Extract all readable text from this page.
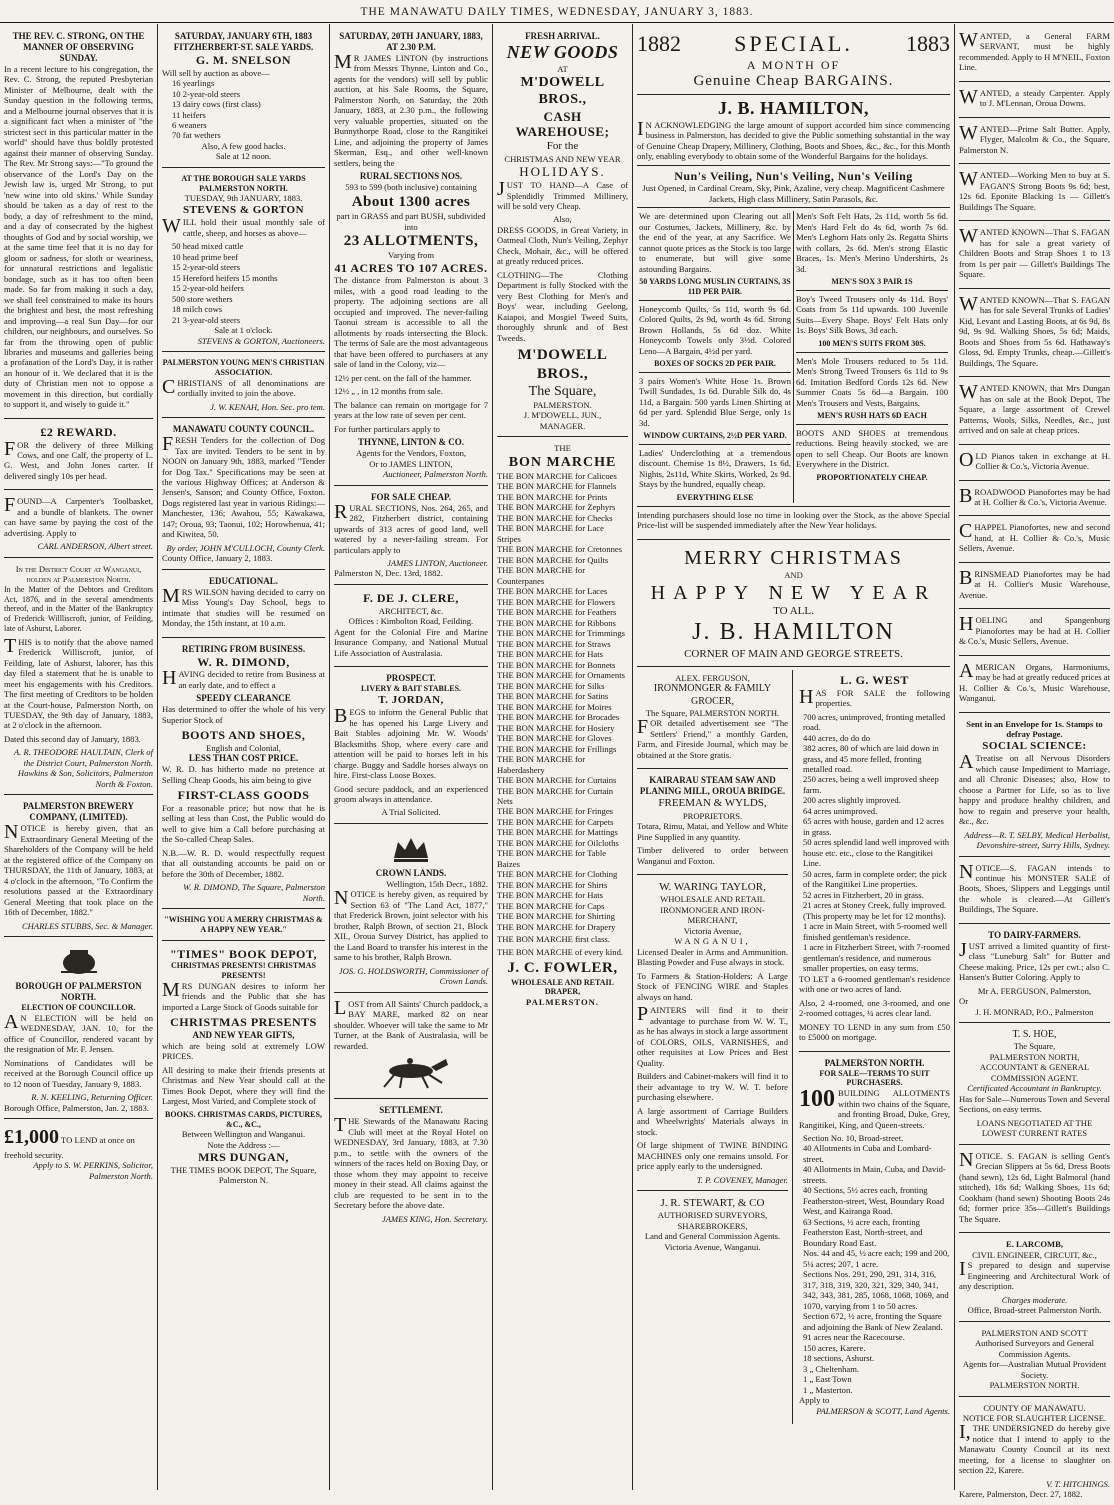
THE MANAWATU DAILY TIMES, WEDNESDAY, JANUARY 3, 1883.
THE REV. C. STRONG, ON THE MANNER OF OBSERVING SUNDAY.

In a recent lecture to his congregation, the Rev. C. Strong, the reputed Presbyterian Minister of Melbourne, dealt with the Sunday question in the following terms, and a Melbourne journal observes that it is a significant fact when a minister of "the strictest sect in this particular matter in the world" should have thus boldly protested against their manner of observing Sunday. The Rev. Mr Strong says:—"To ground the observance of the Lord's Day on the Jewish law is, urged Mr Strong, to put 'new wine into old skins.' While Sunday should be taken as a day of rest to the body, a day of refreshment to the mind, and a day of consecrated by the highest thoughts of God and by social worship, we at the same time feel that it is no day for gloom or sadness, for sloth or weariness, for unnatural restrictions and legalistic bondage, such as it has too often been made. So far from making it such a day, we shall feel constrained to make its hours the brightest and best, the most refreshing and improving—a real Sun Day—for our children, our neighbours, and ourselves. So far from the throwing open of public libraries and museums and galleries being a profanation of the Lord's Day, it is rather an honour of it. We declared that it is the duty of Christian men not to oppose a movement in this direction, but cordially to support it, and wisely to guide it."

£2 REWARD.

FOR the delivery of three Milking Cows, and one Calf, the property of L. G. West, and John Jones carter. If delivered singly 10s per head.

FOUND—A Carpenter's Toolbasket, and a bundle of blankets. The owner can have same by paying the cost of the advertising. Apply to

CARL ANDERSON, Albert street.
In the District Court at Wanganui, holden at Palmerston North.

In the Matter of the Debtors and Creditors Act, 1876, and in the several amendments thereof, and in the Matter of the Bankruptcy of Frederick Willliscroft, junior, of Feilding, late of Ashurst, Laborer.

THIS is to notify that the above named Frederick Williscroft, junior, of Feilding, late of Ashurst, laborer, has this day filed a statement that he is unable to meet his engagements with his Creditors. The first meeting of Creditors to be holden at the Court-house, Palmerston North, on TUESDAY, the 9th day of January, 1883, at 2 o'clock in the afternoon.

Dated this second day of January, 1883.

A. R. THEODORE HAULTAIN, Clerk of the District Court, Palmerston North.
Hawkins & Son, Solicitors, Palmerston North & Foxton.
PALMERSTON BREWERY COMPANY, (LIMITED).

NOTICE is hereby given, that an Extraordinary General Meeting of the Shareholders of the Company will be held at the registered office of the Company on THURSDAY, the 11th of January, 1883, at 4 o'clock in the afternoon, "To Confirm the resolutions passed at the Extraordinary General Meeting that took place on the 16th of December, 1882."

CHARLES STUBBS, Sec. & Manager.
BOROUGH OF PALMERSTON NORTH.
ELECTION OF COUNCILLOR.

AN ELECTION will be held on WEDNESDAY, JAN. 10, for the office of Councillor, rendered vacant by the resignation of Mr. F. Jensen.

Nominations of Candidates will be received at the Borough Council office up to 12 noon of Tuesday, January 9, 1883.

R. N. KEELING, Returning Officer.
Borough Office, Palmerston, Jan. 2, 1883.
£1,000 TO LEND at once on freehold security.
Apply to S. W. PERKINS, Solicitor, Palmerston North.
SATURDAY, JANUARY 6TH, 1883 FITZHERBERT-ST. SALE YARDS.
G. M. SNELSON
Will sell by auction as above—
16 yearlings
10 2-year-old steers
13 dairy cows (first class)
11 heifers
6 weaners
70 fat wethers
Also, A few good hacks.
Sale at 12 noon.
AT THE BOROUGH SALE YARDS PALMERSTON NORTH.
TUESDAY, 9th JANUARY, 1883.
STEVENS & GORTON

WILL hold their usual monthly sale of cattle, sheep, and horses as above—

50 head mixed cattle
10 head prime beef
15 2-year-old steers
15 Hereford heifers 15 months
15 2-year-old heifers
500 store wethers
18 milch cows
21 3-year-old steers
Sale at 1 o'clock.
STEVENS & GORTON, Auctioneers.
PALMERSTON YOUNG MEN'S CHRISTIAN ASSOCIATION.

CHRISTIANS of all denominations are cordially invited to join the above.

J. W. KENAH, Hon. Sec. pro tem.
MANAWATU COUNTY COUNCIL.

FRESH Tenders for the collection of Dog Tax are invited. Tenders to be sent in by NOON on January 9th, 1883, marked "Tender for Dog Tax." Specifications may be seen at the various Highway Offices; at Anderson & Jensen's, Sanson; and County Office, Foxton. Dogs registered last year in various Ridings:—Manchester, 136; Awahou, 55; Kawakawa, 147; Oroua, 93; Taonui, 102; Horowhenua, 41; and Kiwitea, 50.

By order, JOHN M'CULLOCH, County Clerk.
County Office, January 2, 1883.
EDUCATIONAL.

MRS WILSON having decided to carry on Miss Young's Day School, begs to intimate that studies will be resumed on Monday, the 15th instant, at 10 a.m.

RETIRING FROM BUSINESS.
W. R. DIMOND,

HAVING decided to retire from Business at an early date, and to effect a

SPEEDY CLEARANCE

Has determined to offer the whole of his very Superior Stock of

BOOTS AND SHOES,
English and Colonial,
LESS THAN COST PRICE.

W. R. D. has hitherto made no pretence at Selling Cheap Goods, his aim being to give

FIRST-CLASS GOODS

For a reasonable price; but now that he is selling at less than Cost, the Public would do well to give him a Call before purchasing at the So-called Cheap Sales.

N.B.—W. R. D. would respectfully request that all outstanding accounts be paid on or before the 30th of December, 1882.

W. R. DIMOND, The Square, Palmerston North.
"WISHING YOU A MERRY CHRISTMAS & A HAPPY NEW YEAR."
"TIMES" BOOK DEPOT,
CHRISTMAS PRESENTS! CHRISTMAS PRESENTS!

MRS DUNGAN desires to inform her friends and the Public that she has imported a Large Stock of Goods suitable for

CHRISTMAS PRESENTS
AND NEW YEAR GIFTS,

which are being sold at extremely LOW PRICES.

All desiring to make their friends presents at Christmas and New Year should call at the Times Book Depot, where they will find the Largest, Most Varied, and Complete stock of

BOOKS. CHRISTMAS CARDS, PICTURES, &C., &C.,
Between Wellington and Wanganui.
Note the Address :—
MRS DUNGAN,
THE TIMES BOOK DEPOT, The Square, Palmerston N.
SATURDAY, 20TH JANUARY, 1883, AT 2.30 P.M.

MR JAMES LINTON (by instructions from Messrs Thynne, Linton and Co., agents for the vendors) will sell by public auction, at his Sale Rooms, the Square, Palmerston North, on Saturday, the 20th January, 1883, at 2.30 p.m., the following very valuable properties, situated on the Bunnythorpe Road, close to the Rangitikei Line, and adjoining the property of James Skerman, Esq., and other well-known settlers, being the

RURAL SECTIONS NOS.
593 to 599 (both inclusive) containing
About 1300 acres
part in GRASS and part BUSH, subdivided into
23 ALLOTMENTS,
Varying from
41 ACRES TO 107 ACRES.

The distance from Palmerston is about 3 miles, with a good road leading to the property. The adjoining sections are all occupied and improved. The never-failing Taonui stream is accessible to all the allotments by roads intersecting the Block. The terms of Sale are the most advantageous that have been offered to purchasers at any sale of land in the Colony, viz—

12½ per cent. on the fall of the hammer.

12½ „ , in 12 months from sale.

The balance can remain on mortgage for 7 years at the low rate of seven per cent.

For further particulars apply to

THYNNE, LINTON & CO.
Agents for the Vendors, Foxton,
Or to JAMES LINTON,
Auctioneer, Palmerston North.
FOR SALE CHEAP.

RURAL SECTIONS, Nos. 264, 265, and 282, Fitzherbert district, containing upwards of 313 acres of good land, well watered by a never-failing stream. For particulars apply to

JAMES LINTON, Auctioneer.
Palmerston N, Dec. 13rd, 1882.
F. DE J. CLERE,
ARCHITECT, &c.
Offices : Kimbolton Road, Feilding.

Agent for the Colonial Fire and Marine Insurance Company, and National Mutual Life Association of Australasia.

PROSPECT.
LIVERY & BAIT STABLES.
T. JORDAN,

BEGS to inform the General Public that he has opened his Large Livery and Bait Stables adjoining Mr. W. Woods' Blacksmiths Shop, where every care and attention will be paid to horses left in his charge. Buggy and Saddle horses always on hire. First-class Loose Boxes.

Good secure paddock, and an experienced groom always in attendance.

A Trial Solicited.
CROWN LANDS.
Wellington, 15th Decr., 1882.

NOTICE is hereby given, as required by Section 63 of "The Land Act, 1877," that Frederick Brown, joint selector with his brother, Ralph Brown, of section 21, Block XII., Oroua Survey District, has applied to the Land Board to transfer his interest in the same to his brother, Ralph Brown.

JOS. G. HOLDSWORTH, Commissioner of Crown Lands.

LOST from All Saints' Church paddock, a BAY MARE, marked 82 on near shoulder. Whoever will take the same to Mr Turner, at the Bank of Australasia, will be rewarded.

SETTLEMENT.

THE Stewards of the Manawatu Racing Club will meet at the Royal Hotel on WEDNESDAY, 3rd January, 1883, at 7.30 p.m., to settle with the owners of the winners of the races held on Boxing Day, or those whom they may appoint to receive money in their stead. All claims against the club are requested to be sent in to the Secretary before the above date.

JAMES KING, Hon. Secretary.
FRESH ARRIVAL.
NEW GOODS
AT
M'DOWELL BROS.,
CASH WAREHOUSE;
For the
CHRISTMAS AND NEW YEAR
HOLIDAYS.

JUST TO HAND—A Case of Splendidly Trimmed Millinery, will be sold very Cheap.

Also,

DRESS GOODS, in Great Variety, in Oatmeal Cloth, Nun's Veiling, Zephyr Check, Mohair, &c., will be offered at greatly reduced prices.

CLOTHING—The Clothing Department is fully Stocked with the very Best Clothing for Men's and Boys' wear, including Geelong, Kaiapoi, and Mosgiel Tweed Suits, thoroughly shrunk and of Best Tweeds.

M'DOWELL BROS.,
The Square,
PALMERSTON.
J. M'DOWELL, JUN.,
MANAGER.
THE
BON MARCHE
THE BON MARCHE for Calicoes
THE BON MARCHE for Flannels
THE BON MARCHE for Prints
THE BON MARCHE for Zephyrs
THE BON MARCHE for Checks
THE BON MARCHE for Lace Stripes
THE BON MARCHE for Cretonnes
THE BON MARCHE for Quilts
THE BON MARCHE for Counterpanes
THE BON MARCHE for Laces
THE BON MARCHE for Flowers
THE BON MARCHE for Feathers
THE BON MARCHE for Ribbons
THE BON MARCHE for Trimmings
THE BON MARCHE for Straws
THE BON MARCHE for Hats
THE BON MARCHE for Bonnets
THE BON MARCHE for Ornaments
THE BON MARCHE for Silks
THE BON MARCHE for Satins
THE BON MARCHE for Moires
THE BON MARCHE for Brocades
THE BON MARCHE for Hosiery
THE BON MARCHE for Gloves
THE BON MARCHE for Frillings
THE BON MARCHE for Haberdashery
THE BON MARCHE for Curtains
THE BON MARCHE for Curtain Nets
THE BON MARCHE for Fringes
THE BON MARCHE for Carpets
THE BON MARCHE for Mattings
THE BON MARCHE for Oilcloths
THE BON MARCHE for Table Baizes
THE BON MARCHE for Clothing
THE BON MARCHE for Shirts
THE BON MARCHE for Hats
THE BON MARCHE for Caps
THE BON MARCHE for Shirting
THE BON MARCHE for Drapery
THE BON MARCHE first class.
THE BON MARCHE of every kind.
J. C. FOWLER,
WHOLESALE AND RETAIL DRAPER,
PALMERSTON.
1882 SPECIAL. 1883
A MONTH OF
Genuine Cheap BARGAINS.
J. B. HAMILTON,

IN ACKNOWLEDGING the large amount of support accorded him since commencing business in Palmerston, has decided to give the Public something substantial in the way of Genuine Cheap Drapery, Millinery, Clothing, Boots and Shoes, &c., &c., for this Month only, enabling everybody to obtain some of the Wonderful Bargains for the holidays.

Nun's Veiling, Nun's Veiling, Nun's Veiling
Just Opened, in Cardinal Cream, Sky, Pink, Azaline, very cheap. Magnificent Cashmere Jackets, High class Millinery, Satin Parasols, &c.

We are determined upon Clearing out all our Costumes, Jackets, Millinery, &c. by the end of the year, at any Sacrifice. We cannot quote prices as the Stock is too large to enumerate, but will give some astounding Bargains.

50 YARDS LONG MUSLIN CURTAINS, 3S 11D PER PAIR.

Honeycomb Quilts, 5s 11d, worth 9s 6d. Colored Quilts, 2s 9d, worth 4s 6d. Strong Brown Hollands, 5s 6d doz. White Honeycomb Towels only 3½d. Colored Leno—A Bargain, 4½d per yard.

BOXES OF SOCKS 2D PER PAIR.

3 pairs Women's White Hose 1s. Brown Twill Sundades, 1s 6d. Durable Silk do, 4s 11d, a Bargain. 500 yards Linen Shirting at 6d per yard. Splendid Blue Serge, only 1s 3d.

WINDOW CURTAINS, 2½D PER YARD.

Ladies' Underclothing at a tremendous discount. Chemise 1s 8½, Drawers, 1s 6d, Nights, 2s11d, White Skirts, Worked, 2s 9d. Stays by the hundred, equally cheap.

EVERYTHING ELSE

Men's Soft Felt Hats, 2s 11d, worth 5s 6d. Men's Hard Felt do 4s 6d, worth 7s 6d. Men's Leghorn Hats only 2s. Regatta Shirts with collars, 2s 6d. Men's strong Elastic Braces, 1s. Men's Merino Undershirts, 2s 3d.

MEN'S SOX 3 PAIR 1S

Boy's Tweed Trousers only 4s 11d. Boys' Coats from 5s 11d upwards. 100 Juvenile Suits—Every Shape. Boys' Felt Hats only 1s. Boys' Silk Bows, 3d each.

100 MEN'S SUITS FROM 30S.

Men's Mole Trousers reduced to 5s 11d. Men's Strong Tweed Trousers 6s 11d to 9s 6d. Imitation Bedford Cords 12s 6d. New Summer Coats 5s 6d—a Bargain. 100 Men's Trousers and Vests, Bargains.

MEN'S RUSH HATS 6D EACH

BOOTS AND SHOES at tremendous reductions. Being heavily stocked, we are open to sell Cheap. Our Boots are known Everywhere in the District.

PROPORTIONATELY CHEAP.

Intending purchasers should lose no time in looking over the Stock, as the above Special Price-list will be suspended immediately after the New Year holidays.

MERRY CHRISTMAS
AND
HAPPY NEW YEAR
TO ALL.
J. B. HAMILTON
CORNER OF MAIN AND GEORGE STREETS.
ALEX. FERGUSON,
IRONMONGER & FAMILY GROCER,
The Square, PALMERSTON NORTH.

FOR detailed advertisement see "The Settlers' Friend," a monthly Garden, Farm, and Fireside Journal, which may be obtained at the Store gratis.

KAIRARAU STEAM SAW AND PLANING MILL, OROUA BRIDGE.
FREEMAN & WYLDS,
PROPRIETORS.

Totara, Rimu, Matai, and Yellow and White Pine Supplied in any quantity.

Timber delivered to order between Wanganui and Foxton.

W. WARING TAYLOR,
WHOLESALE AND RETAIL IRONMONGER AND IRON-MERCHANT,
Victoria Avenue,
WANGANUI,

Licensed Dealer in Arms and Ammunition. Blasting Powder and Fuse always in stock.

To Farmers & Station-Holders: A Large Stock of FENCING WIRE and Staples always on hand.

PAINTERS will find it to their advantage to purchase from W. W. T., as he has always in stock a large assortment of COLORS, OILS, VARNISHES, and other requisites at Low Prices and Best Quality.

Builders and Cabinet-makers will find it to their advantage to try W. W. T. before purchasing elsewhere.

A large assortment of Carriage Builders and Wheelwrights' Materials always in stock.

Of large shipment of TWINE BINDING MACHINES only one remains unsold. For price apply early to the undersigned.

T. P. COVENEY, Manager.
J. R. STEWART, & CO
AUTHORISED SURVEYORS,
SHAREBROKERS,
Land and General Commission Agents.
Victoria Avenue, Wanganui.
L. G. WEST

HAS FOR SALE the following properties.

700 acres, unimproved, fronting metalled road.
440 acres, do do do
382 acres, 80 of which are laid down in grass, and 45 more felled, fronting metalled road.
250 acres, being a well improved sheep farm.
200 acres slightly improved.
64 acres unimproved.
65 acres with house, garden and 12 acres in grass.
50 acres splendid land well improved with house etc. etc., close to the Rangitikei Line.
50 acres, farm in complete order; the pick of the Rangitikei Line properties.
52 acres in Fitzherbert, 20 in grass.
21 acres at Stoney Creek, fully improved. (This property may be let for 12 months).
1 acre in Main Street, with 5-roomed well finished gentleman's residence.
1 acre in Fitzherbert Street, with 7-roomed gentleman's residence, and numerous smaller properties, on easy terms.

TO LET a 6-roomed gentleman's residence with one or two acres of land.

Also, 2 4-roomed, one 3-roomed, and one 2-roomed cottages, ¼ acres clear land.

MONEY TO LEND in any sum from £50 to £5000 on mortgage.

PALMERSTON NORTH.
FOR SALE—TERMS TO SUIT PURCHASERS.

100 BUILDING ALLOTMENTS within two chains of the Square, and fronting Broad, Duke, Grey, Rangitikei, King, and Queen-streets.

Section No. 10, Broad-street.
40 Allotments in Cuba and Lombard-street.
40 Allotments in Main, Cuba, and David-streets.
40 Sections, 5½ acres each, fronting Featherston-street, West, Boundary Road West, and Kairanga Road.
63 Sections, ½ acre each, fronting Featherston East, North-street, and Boundary Road East.
Nos. 44 and 45, ½ acre each; 199 and 200, 5¼ acres; 207, 1 acre.
Sections Nos. 291, 290, 291, 314, 316, 317, 318, 319, 320, 321, 329, 340, 341, 342, 343, 381, 285, 1068, 1068, 1069, and 1070, varying from 1 to 50 acres.
Section 672, ½ acre, fronting the Square and adjoining the Bank of New Zealand.
91 acres near the Racecourse.
150 acres, Karere.
18 sections, Ashurst.
3 „ Cheltenham.
1 „ East Town
1 „ Masterton.
Apply to
PALMERSON & SCOTT, Land Agents.

WANTED, a General FARM SERVANT, must be highly recommended. Apply to H M'NEIL, Foxton Line.

WANTED, a steady Carpenter. Apply to J. M'Lennan, Oroua Downs.

WANTED—Prime Salt Butter. Apply, Flyger, Malcolm & Co., the Square, Palmerston N.

WANTED—Working Men to buy at S. FAGAN'S Strong Boots 9s 6d; best, 12s 6d. Eponite Blacking 1s — Gillett's Buildings The Square.

WANTED KNOWN—That S. FAGAN has for sale a great variety of Children Boots and Strap Shoes 1 to 13 from 1s per pair — Gillett's Buildings The Square.

WANTED KNOWN—That S. FAGAN has for sale Several Trunks of Ladies' Kid, Levant and Lasting Boots, at 6s 9d, 8s 9d, 9s 9d. Walking Shoes, 5s 6d; Maids, Boots and Shoes from 5s 6d. Hathaway's Gloss, 9d. Empty Trunks, cheap.—Gillett's Buildings, The Square.

WANTED KNOWN, that Mrs Dungan has on sale at the Book Depot, The Square, a large assortment of Crewel Patterns, Wools, Silks, Needles, &c., just arrived and on sale at cheap prices.

OLD Pianos taken in exchange at H. Collier & Co.'s, Victoria Avenue.

BROADWOOD Pianofortes may be had at H. Collier & Co.'s, Victoria Avenue.

CHAPPEL Pianofortes, new and second hand, at H. Collier & Co.'s, Music Sellers, Avenue.

BRINSMEAD Pianofortes may be had at H. Collier's Music Warehouse, Avenue.

HOELING and Spangenburg Pianofortes may be had at H. Collier & Co.'s, Music Sellers, Avenue.

AMERICAN Organs, Harmoniums, may be had at greatly reduced prices at H. Collier & Co.'s, Music Warehouse, Wanganui.

Sent in an Envelope for 1s. Stamps to defray Postage.
SOCIAL SCIENCE:

ATreatise on all Nervous Disorders which cause Impediment to Marriage, and all Chronic Diseases; also, How to choose a Partner for Life, so as to live happy and produce healthy children, and how to regain and preserve your health, &c., &c.

Address—R. T. SELBY, Medical Herbalist, Devonshire-street, Surry Hills, Sydney.

NOTICE—S. FAGAN intends to continue his MONSTER SALE of Boots, Shoes, Slippers and Leggings until the whole is cleared.—At Gillett's Buildings, The Square.

TO DAIRY-FARMERS.

JUST arrived a limited quantity of first-class "Luneburg Salt" for Butter and Cheese making. Price, 12s per cwt.; also C. Hansen's Butter Coloring. Apply to

Mr A. FERGUSON, Palmerston,
Or
J. H. MONRAD, P.O., Palmerston
T. S. HOE,
The Square,
PALMERSTON NORTH,
ACCOUNTANT & GENERAL COMMISSION AGENT.
Certificated Accountant in Bankruptcy.

Has for Sale—Numerous Town and Several Sections, on easy terms.

LOANS NEGOTIATED AT THE LOWEST CURRENT RATES

NOTICE. S. FAGAN is selling Gent's Grecian Slippers at 5s 6d, Dress Boots (hand sewn), 12s 6d, Light Balmoral (hand stitched), 18s 6d; Walking Shoes, 11s 6d; Cookham (hand sewn) Shooting Boots 24s 6d; former price 35s—Gillett's Buildings The Square.

E. LARCOMB,
CIVIL ENGINEER, CIRCUIT, &c.,

IS prepared to design and supervise Engineering and Architectural Work of any description.

Charges moderate.
Office, Broad-street Palmerston North.
PALMERSTON AND SCOTT
Authorised Surveyors and General Commission Agents.
Agents for—Australian Mutual Provident Society.
PALMERSTON NORTH.
COUNTY OF MANAWATU.
NOTICE FOR SLAUGHTER LICENSE.

I,THE UNDERSIGNED do hereby give notice that I intend to apply to the Manawatu County Council at its next meeting, for a license to slaughter on section 22, Karere.

V. T. HITCHINGS.
Karere, Palmerston, Decr. 27, 1882.
